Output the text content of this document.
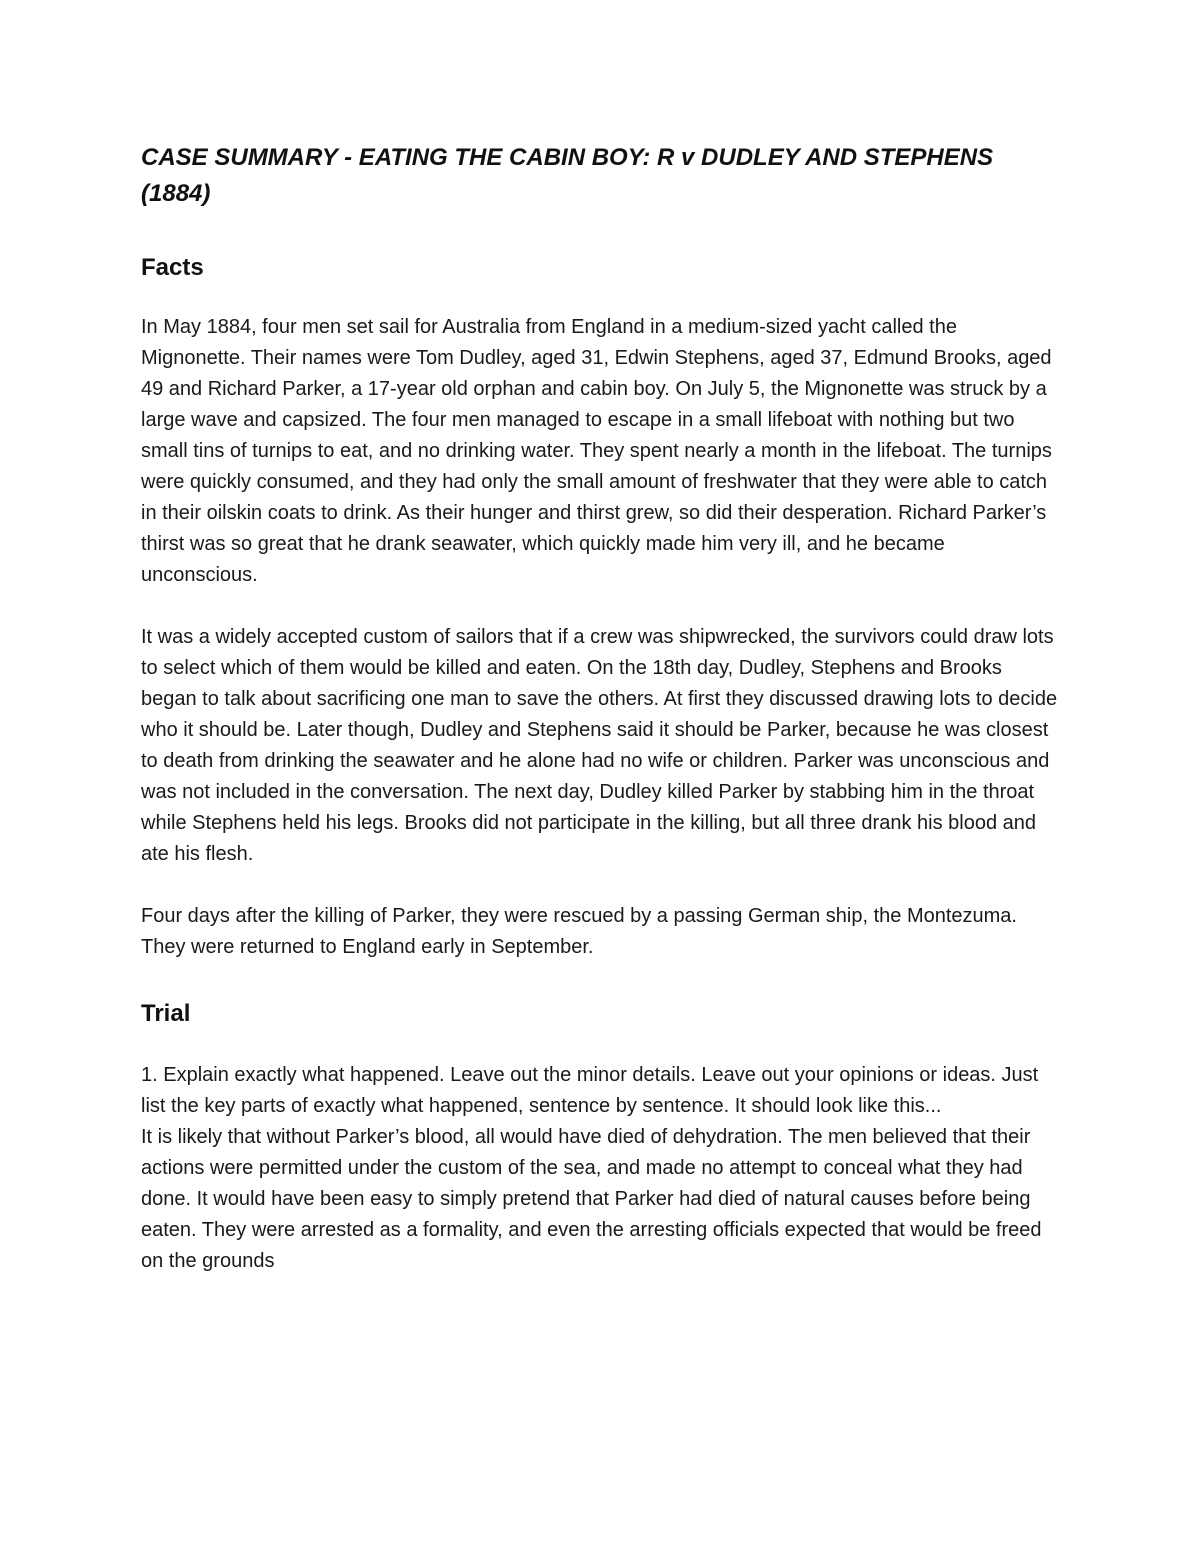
CASE SUMMARY - EATING THE CABIN BOY: R v DUDLEY AND STEPHENS (1884)
Facts

In May 1884, four men set sail for Australia from England in a medium-sized yacht called the Mignonette. Their names were Tom Dudley, aged 31, Edwin Stephens, aged 37, Edmund Brooks, aged 49 and Richard Parker, a 17-year old orphan and cabin boy. On July 5, the Mignonette was struck by a large wave and capsized. The four men managed to escape in a small lifeboat with nothing but two small tins of turnips to eat, and no drinking water. They spent nearly a month in the lifeboat. The turnips were quickly consumed, and they had only the small amount of freshwater that they were able to catch in their oilskin coats to drink. As their hunger and thirst grew, so did their desperation. Richard Parker’s thirst was so great that he drank seawater, which quickly made him very ill, and he became unconscious.

It was a widely accepted custom of sailors that if a crew was shipwrecked, the survivors could draw lots to select which of them would be killed and eaten. On the 18th day, Dudley, Stephens and Brooks began to talk about sacrificing one man to save the others. At first they discussed drawing lots to decide who it should be. Later though, Dudley and Stephens said it should be Parker, because he was closest to death from drinking the seawater and he alone had no wife or children. Parker was unconscious and was not included in the conversation. The next day, Dudley killed Parker by stabbing him in the throat while Stephens held his legs. Brooks did not participate in the killing, but all three drank his blood and ate his flesh.

Four days after the killing of Parker, they were rescued by a passing German ship, the Montezuma. They were returned to England early in September.

Trial

1. Explain exactly what happened. Leave out the minor details. Leave out your opinions or ideas. Just list the key parts of exactly what happened, sentence by sentence. It should look like this...

It is likely that without Parker’s blood, all would have died of dehydration. The men believed that their actions were permitted under the custom of the sea, and made no attempt to conceal what they had done. It would have been easy to simply pretend that Parker had died of natural causes before being eaten. They were arrested as a formality, and even the arresting officials expected that would be freed on the grounds
